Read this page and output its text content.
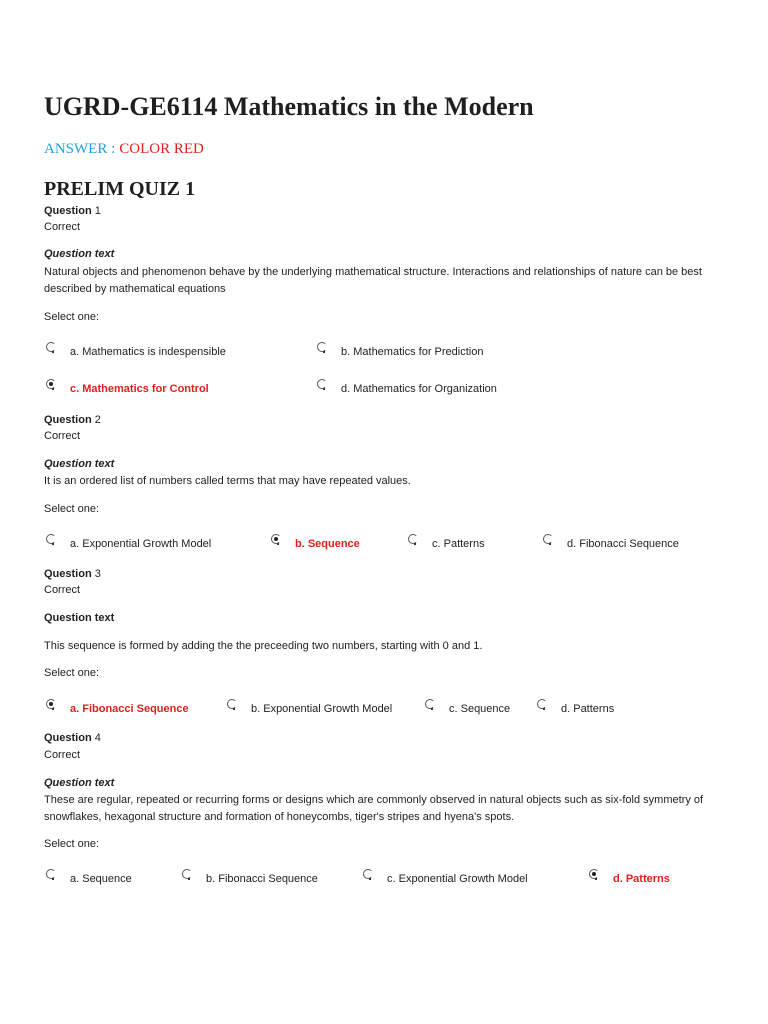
UGRD-GE6114 Mathematics in the Modern
ANSWER : COLOR RED
PRELIM QUIZ 1
Question 1
Correct
Question text
Natural objects and phenomenon behave by the underlying mathematical structure. Interactions and relationships of nature can be best described by mathematical equations
Select one:
a. Mathematics is indespensible	b. Mathematics for Prediction
c. Mathematics for Control	d. Mathematics for Organization
Question 2
Correct
Question text
It is an ordered list of numbers called terms that may have repeated values.
Select one:
a. Exponential Growth Model	b. Sequence	c. Patterns	d. Fibonacci Sequence
Question 3
Correct
Question text
This sequence is formed by adding the the preceeding two numbers, starting with 0 and 1.
Select one:
a. Fibonacci Sequence	b. Exponential Growth Model	c. Sequence	d. Patterns
Question 4
Correct
Question text
These are regular, repeated or recurring forms or designs which are commonly observed in natural objects such as six-fold symmetry of snowflakes, hexagonal structure and formation of honeycombs, tiger's stripes and hyena's spots.
Select one:
a. Sequence	b. Fibonacci Sequence	c. Exponential Growth Model	d. Patterns
